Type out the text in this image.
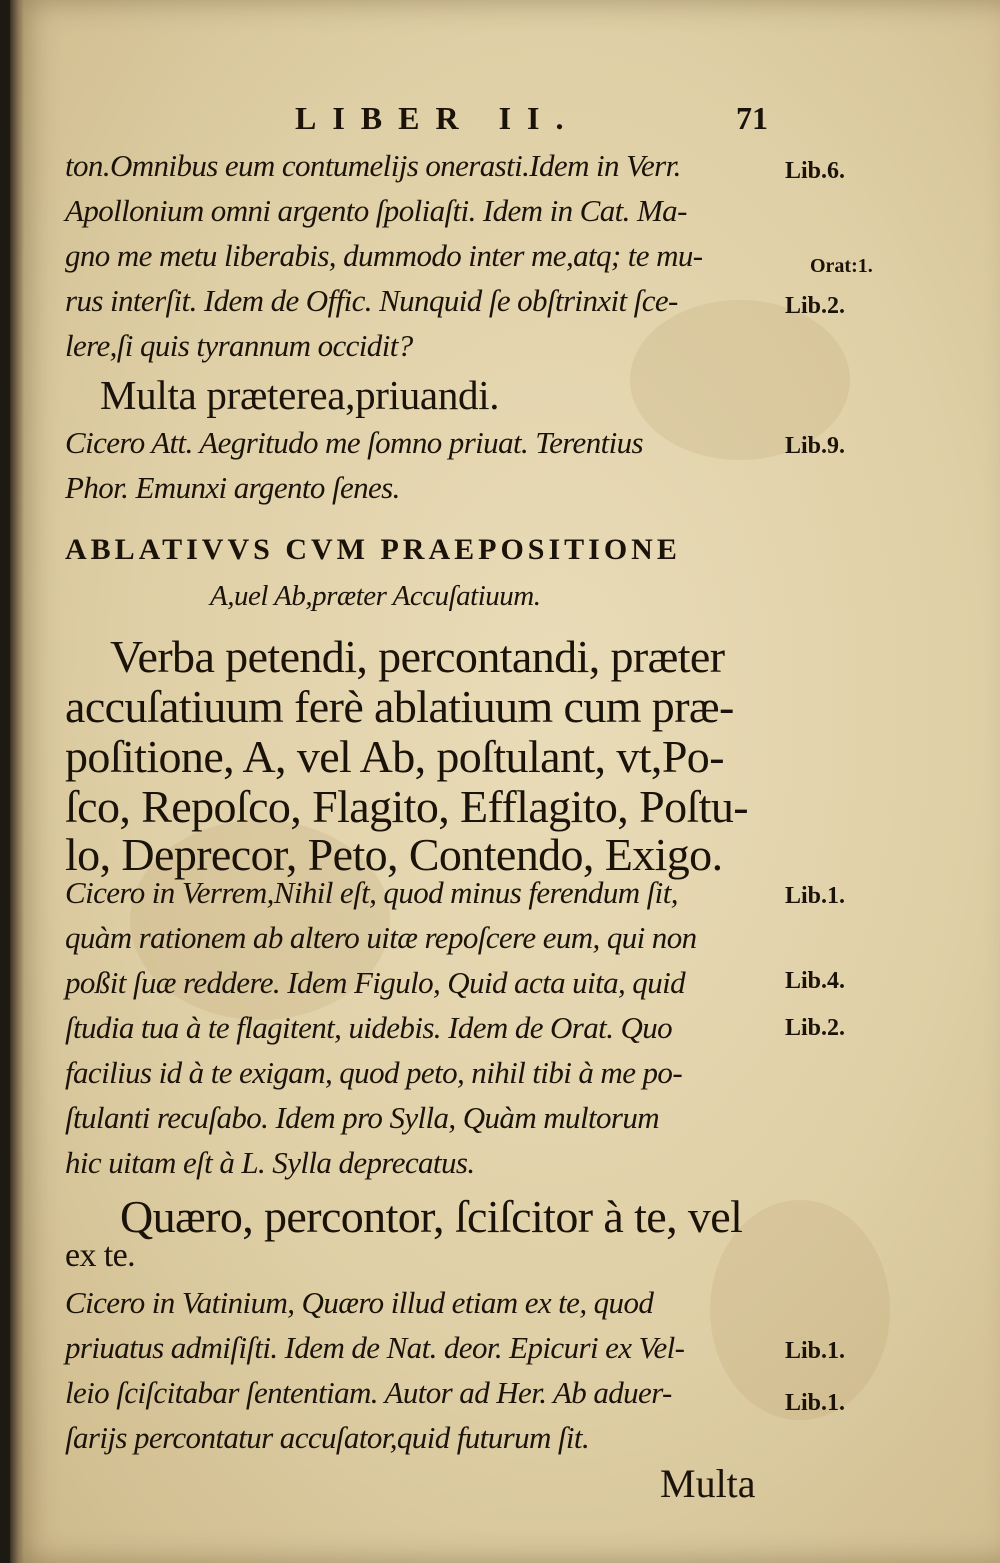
LIBER II.	71
ton.Omnibus eum contumelijs onerasti.Idem in Verr.
Apollonium omni argento ſpoliaſti. Idem in Cat. Ma-
gno me metu liberabis, dummodo inter me,atq; te mu-
rus interſit. Idem de Offic. Nunquid ſe obſtrinxit ſce-
lere,ſi quis tyrannum occidit?
Multa præterea,priuandi.
Cicero Att. Aegritudo me ſomno priuat. Terentius
Phor. Emunxi argento ſenes.
ABLATIVVS CVM PRAEPOSITIONE
A,uel Ab,præter Accuſatiuum.
Verba petendi, percontandi, præter
accuſatiuum ferè ablatiuum cum præ-
poſitione, A, vel Ab, poſtulant, vt,Po-
ſco, Repoſco, Flagito, Efflagito, Poſtu-
lo, Deprecor, Peto, Contendo, Exigo.
Cicero in Verrem,Nihil eſt, quod minus ferendum ſit,
quàm rationem ab altero uitæ repoſcere eum, qui non
poßit ſuæ reddere. Idem Figulo, Quid acta uita, quid
ſtudia tua à te flagitent, uidebis. Idem de Orat. Quo
facilius id à te exigam, quod peto, nihil tibi à me po-
ſtulanti recuſabo. Idem pro Sylla, Quàm multorum
hic uitam eſt à L. Sylla deprecatus.
Quæro, percontor, ſciſcitor à te, vel
ex te.
Cicero in Vatinium, Quæro illud etiam ex te, quod
priuatus admiſiſti. Idem de Nat. deor. Epicuri ex Vel-
leio ſciſcitabar ſententiam. Autor ad Her. Ab aduer-
ſarijs percontatur accuſator,quid futurum ſit.
Multa
Lib.6.
Orat:1.
Lib.2.
Lib.9.
Lib.1.
Lib.4.
Lib.2.
Lib.1.
Lib.1.
